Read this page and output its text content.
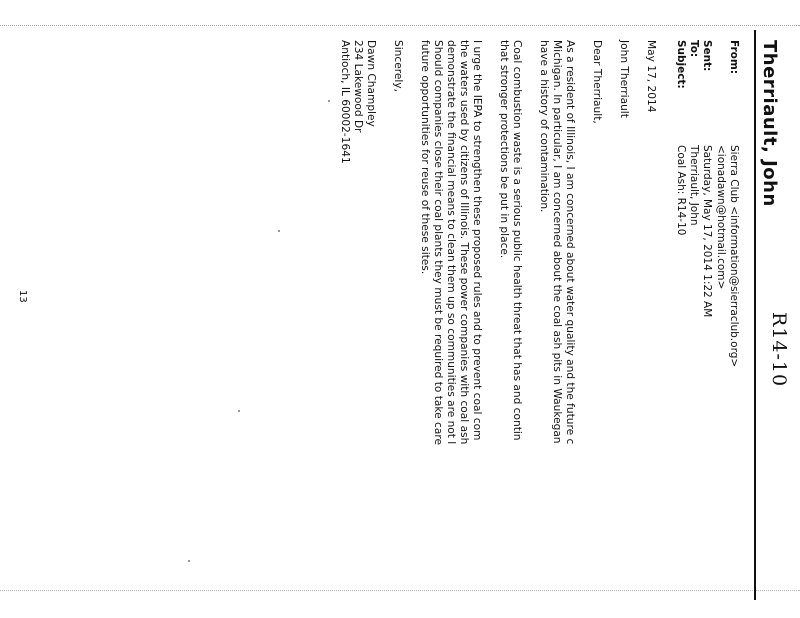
R14-10
Therriault, John
From:
Sierra Club <information@sierraclub.org>
<ionadawn@hotmail.com>
Sent:
Saturday, May 17, 2014 1:22 AM
To:
Therriault, John
Subject:
Coal Ash: R14-10
May 17, 2014
John Therriault
Dear Therriault,
As a resident of Illinois, I am concerned about water quality and the future c
Michigan. In particular, I am concerned about the coal ash pits in Waukegan
have a history of contamination.
Coal combustion waste is a serious public health threat that has and contin
that stronger protections be put in place.
I urge the IEPA to strengthen these proposed rules and to prevent coal com
the waters used by citizens of Illinois. These power companies with coal ash
demonstrate the financial means to clean them up so communities are not l
Should companies close their coal plants they must be required to take care
future opportunities for reuse of these sites.
Sincerely,
Dawn Champley
234 Lakewood Dr
Antioch, IL 60002-1641
13
